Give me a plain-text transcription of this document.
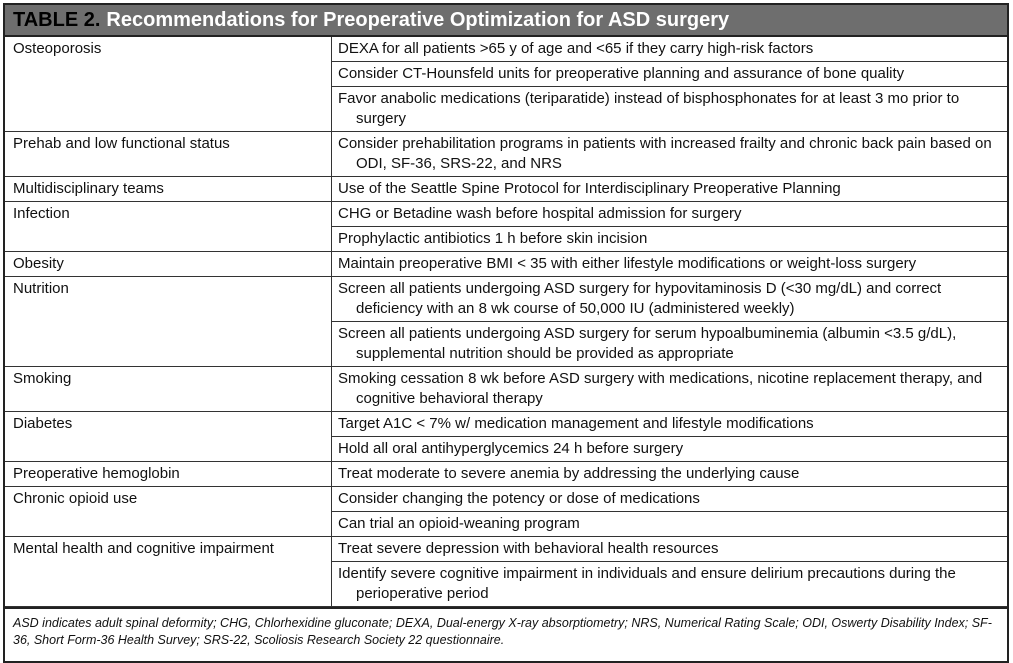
TABLE 2. Recommendations for Preoperative Optimization for ASD surgery
Osteoporosis	DEXA for all patients >65 y of age and <65 if they carry high-risk factors
	Consider CT-Hounsfeld units for preoperative planning and assurance of bone quality
	Favor anabolic medications (teriparatide) instead of bisphosphonates for at least 3 mo prior to surgery
Prehab and low functional status	Consider prehabilitation programs in patients with increased frailty and chronic back pain based on ODI, SF-36, SRS-22, and NRS
Multidisciplinary teams	Use of the Seattle Spine Protocol for Interdisciplinary Preoperative Planning
Infection	CHG or Betadine wash before hospital admission for surgery
	Prophylactic antibiotics 1 h before skin incision
Obesity	Maintain preoperative BMI < 35 with either lifestyle modifications or weight-loss surgery
Nutrition	Screen all patients undergoing ASD surgery for hypovitaminosis D (<30 mg/dL) and correct deficiency with an 8 wk course of 50,000 IU (administered weekly)
	Screen all patients undergoing ASD surgery for serum hypoalbuminemia (albumin <3.5 g/dL), supplemental nutrition should be provided as appropriate
Smoking	Smoking cessation 8 wk before ASD surgery with medications, nicotine replacement therapy, and cognitive behavioral therapy
Diabetes	Target A1C < 7% w/ medication management and lifestyle modifications
	Hold all oral antihyperglycemics 24 h before surgery
Preoperative hemoglobin	Treat moderate to severe anemia by addressing the underlying cause
Chronic opioid use	Consider changing the potency or dose of medications
	Can trial an opioid-weaning program
Mental health and cognitive impairment	Treat severe depression with behavioral health resources
	Identify severe cognitive impairment in individuals and ensure delirium precautions during the perioperative period
ASD indicates adult spinal deformity; CHG, Chlorhexidine gluconate; DEXA, Dual-energy X-ray absorptiometry; NRS, Numerical Rating Scale; ODI, Oswerty Disability Index; SF-36, Short Form-36 Health Survey; SRS-22, Scoliosis Research Society 22 questionnaire.
